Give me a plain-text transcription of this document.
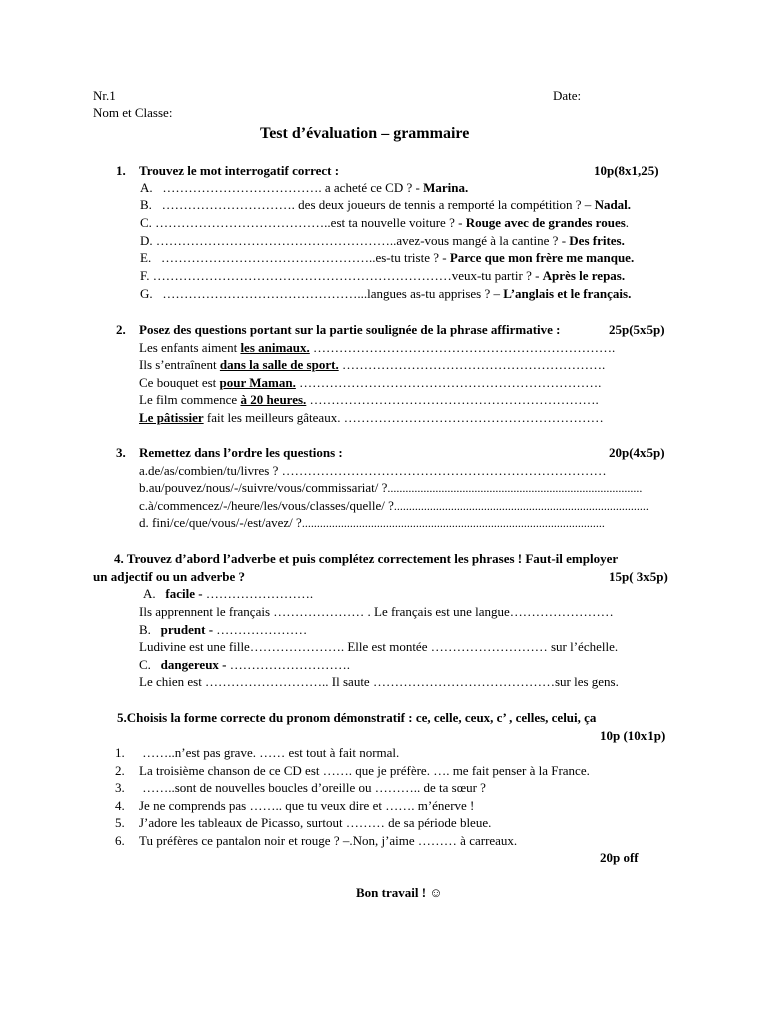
Nr.1	Date:
Nom et Classe:
Test d’évaluation – grammaire
1. Trouvez le mot interrogatif correct :	10p(8x1,25)
A. ………………………………. a acheté ce CD ? - Marina.
B. …………………………. des deux joueurs de tennis a remporté la compétition ? – Nadal.
C. …………………………………..est ta nouvelle voiture ? - Rouge avec de grandes roues.
D. ………………………………………………..avez-vous mangé à la cantine ? - Des frites.
E. …………………………………………..es-tu triste ? - Parce que mon frère me manque.
F. ……………………………………………………………veux-tu partir ? - Après le repas.
G. ………………………………………...langues as-tu apprises ? – L’anglais et le français.
2. Posez des questions portant sur la partie soulignée de la phrase affirmative :	25p(5x5p)
Les enfants aiment les animaux. …………………………………………………………….
Ils s’entraînent dans la salle de sport. …………………………………………………….
Ce bouquet est pour Maman. …………………………………………………………….
Le film commence à 20 heures. ………………………………………………………….
Le pâtissier fait les meilleurs gâteaux. ……………………………………………………
3. Remettez dans l’ordre les questions :	20p(4x5p)
a.de/as/combien/tu/livres ? …………………………………………………………………
b.au/pouvez/nous/-/suivre/vous/commissariat/ ?.....................................................................................
c.à/commencez/-/heure/les/vous/classes/quelle/ ?.....................................................................................
d. fini/ce/que/vous/-/est/avez/ ?.....................................................................................................
4. Trouvez d’abord l’adverbe et puis complétez correctement les phrases ! Faut-il employer
un adjectif ou un adverbe ?	15p( 3x5p)
A. facile - …………………….
Ils apprennent le français ………………… . Le français est une langue……………………
B. prudent - …………………
Ludivine est une fille…………………. Elle est montée ……………………… sur l’échelle.
C. dangereux - ……………………….
Le chien est ……………………….. Il saute ……………………………………sur les gens.
5.Choisis la forme correcte du pronom démonstratif : ce, celle, ceux, c’ , celles, celui, ça
10p (10x1p)
1. ……..n’est pas grave. …… est tout à fait normal.
2. La troisième chanson de ce CD est ……. que je préfère. …. me fait penser à la France.
3. ……..sont de nouvelles boucles d’oreille ou ……….. de ta sœur ?
4. Je ne comprends pas …….. que tu veux dire et ……. m’énerve !
5. J’adore les tableaux de Picasso, surtout ……… de sa période bleue.
6. Tu préfères ce pantalon noir et rouge ? –.Non, j’aime ……… à carreaux.
20p off
Bon travail ! ☺
